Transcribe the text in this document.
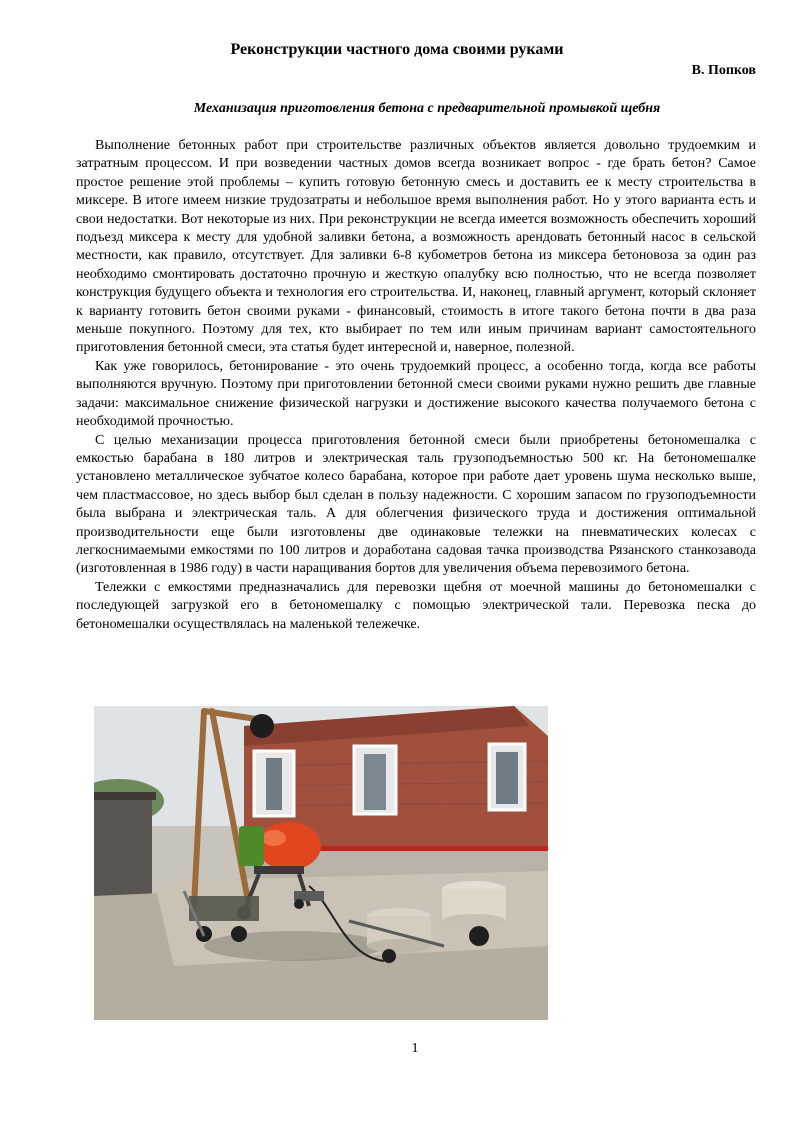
Реконструкции частного дома своими руками
В. Попков
Механизация приготовления бетона с предварительной промывкой щебня

Выполнение бетонных работ при строительстве различных объектов является довольно трудоемким и затратным процессом. И при возведении частных домов всегда возникает вопрос - где брать бетон? Самое простое решение этой проблемы – купить готовую бетонную смесь и доставить ее к месту строительства в миксере. В итоге имеем низкие трудозатраты и небольшое время выполнения работ. Но у этого варианта есть и свои недостатки. Вот некоторые из них. При реконструкции не всегда имеется возможность обеспечить хороший подъезд миксера к месту для удобной заливки бетона, а возможность арендовать бетонный насос в сельской местности, как правило, отсутствует. Для заливки 6-8 кубометров бетона из миксера бетоновоза за один раз необходимо смонтировать достаточно прочную и жесткую опалубку всю полностью, что не всегда позволяет конструкция будущего объекта и технология его строительства. И, наконец, главный аргумент, который склоняет к варианту готовить бетон своими руками - финансовый, стоимость в итоге такого бетона почти в два раза меньше покупного. Поэтому для тех, кто выбирает по тем или иным причинам вариант самостоятельного приготовления бетонной смеси, эта статья будет интересной и, наверное, полезной.

Как уже говорилось, бетонирование - это очень трудоемкий процесс, а особенно тогда, когда все работы выполняются вручную. Поэтому при приготовлении бетонной смеси своими руками нужно решить две главные задачи: максимальное снижение физической нагрузки и достижение высокого качества получаемого бетона с необходимой прочностью.

С целью механизации процесса приготовления бетонной смеси были приобретены бетономешалка с емкостью барабана в 180 литров и электрическая таль грузоподъемностью 500 кг. На бетономешалке установлено металлическое зубчатое колесо барабана, которое при работе дает уровень шума несколько выше, чем пластмассовое, но здесь выбор был сделан в пользу надежности. С хорошим запасом по грузоподъемности была выбрана и электрическая таль. А для облегчения физического труда и достижения оптимальной производительности еще были изготовлены две одинаковые тележки на пневматических колесах с легкоснимаемыми емкостями по 100 литров и доработана садовая тачка производства Рязанского станкозавода (изготовленная в 1986 году) в части наращивания бортов для увеличения объема перевозимого бетона.

Тележки с емкостями предназначались для перевозки щебня от моечной машины до бетономешалки с последующей загрузкой его в бетономешалку с помощью электрической тали. Перевозка песка до бетономешалки осуществлялась на маленькой тележечке.

1
